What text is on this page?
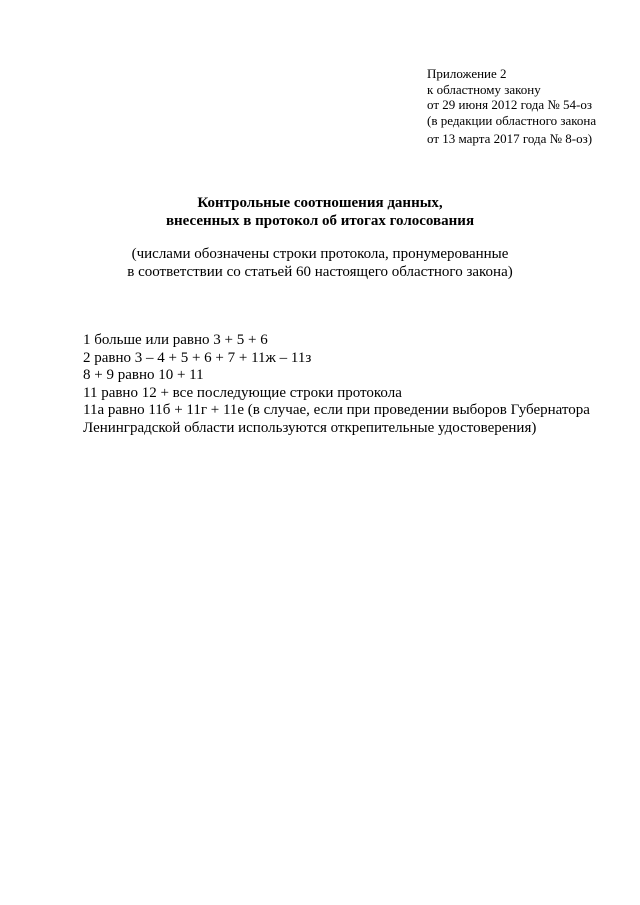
Приложение 2
к областному закону
от 29 июня 2012 года № 54-оз
(в редакции областного закона
от 13 марта 2017 года № 8-оз)
Контрольные соотношения данных,
внесенных в протокол об итогах голосования
(числами обозначены строки протокола, пронумерованные
в соответствии со статьей 60 настоящего областного закона)
1 больше или равно 3 + 5 + 6
2 равно 3 – 4 + 5 + 6 + 7 + 11ж – 11з
8 + 9 равно 10 + 11
11 равно 12 + все последующие строки протокола
11а равно 11б + 11г + 11е (в случае, если при проведении выборов Губернатора
Ленинградской области используются открепительные удостоверения)
